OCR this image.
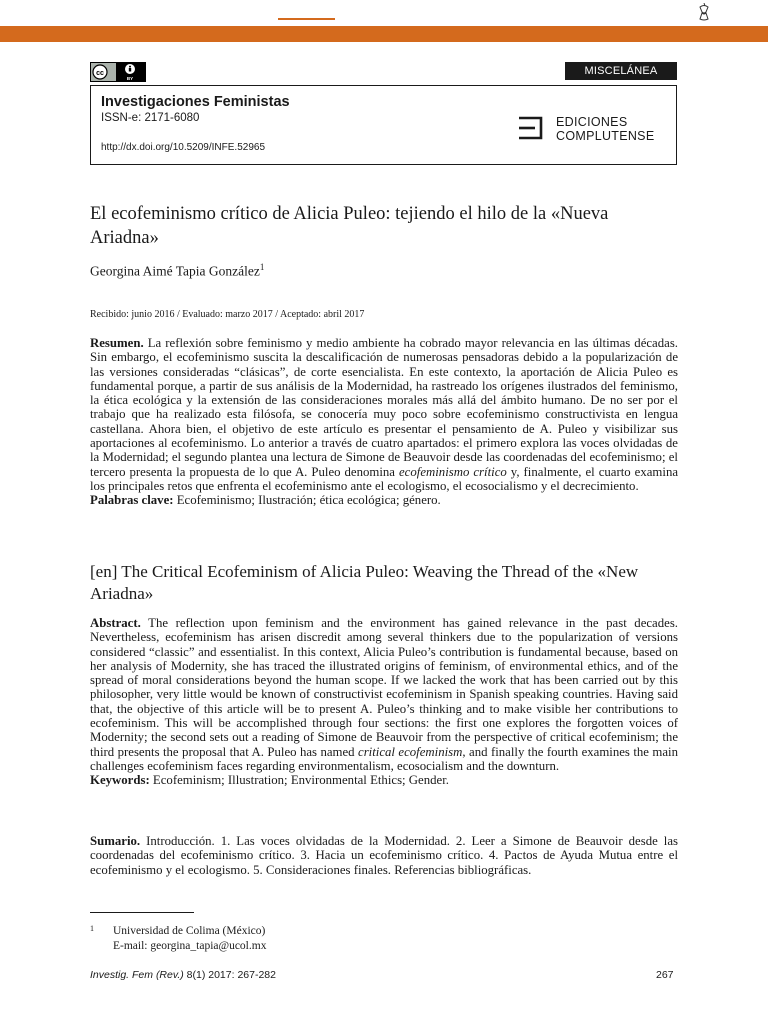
cc
BY
MISCELÁNEA
Investigaciones Feministas
ISSN-e: 2171-6080
http://dx.doi.org/10.5209/INFE.52965
EDICIONES
COMPLUTENSE
El ecofeminismo crítico de Alicia Puleo: tejiendo el hilo de la «Nueva Ariadna»
Georgina Aimé Tapia González$^1$
Recibido: junio 2016 / Evaluado: marzo 2017 / Aceptado: abril 2017
Resumen. La reflexión sobre feminismo y medio ambiente ha cobrado mayor relevancia en las últimas décadas. Sin embargo, el ecofeminismo suscita la descalificación de numerosas pensadoras debido a la popularización de las versiones consideradas “clásicas”, de corte esencialista. En este contexto, la aportación de Alicia Puleo es fundamental porque, a partir de sus análisis de la Modernidad, ha rastreado los orígenes ilustrados del feminismo, la ética ecológica y la extensión de las consideraciones morales más allá del ámbito humano. De no ser por el trabajo que ha realizado esta filósofa, se conocería muy poco sobre ecofeminismo constructivista en lengua castellana. Ahora bien, el objetivo de este artículo es presentar el pensamiento de A. Puleo y visibilizar sus aportaciones al ecofeminismo. Lo anterior a través de cuatro apartados: el primero explora las voces olvidadas de la Modernidad; el segundo plantea una lectura de Simone de Beauvoir desde las coordenadas del ecofeminismo; el tercero presenta la propuesta de lo que A. Puleo denomina ecofeminismo crítico y, finalmente, el cuarto examina los principales retos que enfrenta el ecofeminismo ante el ecologismo, el ecosocialismo y el decrecimiento.
Palabras clave: Ecofeminismo; Ilustración; ética ecológica; género.
[en] The Critical Ecofeminism of Alicia Puleo: Weaving the Thread of the «New Ariadna»
Abstract. The reflection upon feminism and the environment has gained relevance in the past decades. Nevertheless, ecofeminism has arisen discredit among several thinkers due to the popularization of versions considered “classic” and essentialist. In this context, Alicia Puleo’s contribution is fundamental because, based on her analysis of Modernity, she has traced the illustrated origins of feminism, of environmental ethics, and of the spread of moral considerations beyond the human scope. If we lacked the work that has been carried out by this philosopher, very little would be known of constructivist ecofeminism in Spanish speaking countries. Having said that, the objective of this article will be to present A. Puleo’s thinking and to make visible her contributions to ecofeminism. This will be accomplished through four sections: the first one explores the forgotten voices of Modernity; the second sets out a reading of Simone de Beauvoir from the perspective of critical ecofeminism; the third presents the proposal that A. Puleo has named critical ecofeminism, and finally the fourth examines the main challenges ecofeminism faces regarding environmentalism, ecosocialism and the downturn.
Keywords: Ecofeminism; Illustration; Environmental Ethics; Gender.
Sumario. Introducción. 1. Las voces olvidadas de la Modernidad. 2. Leer a Simone de Beauvoir desde las coordenadas del ecofeminismo crítico. 3. Hacia un ecofeminismo crítico. 4. Pactos de Ayuda Mutua entre el ecofeminismo y el ecologismo. 5. Consideraciones finales. Referencias bibliográficas.
1 Universidad de Colima (México)
E-mail: georgina_tapia@ucol.mx
Investig. Fem (Rev.) 8(1) 2017: 267-282	267
